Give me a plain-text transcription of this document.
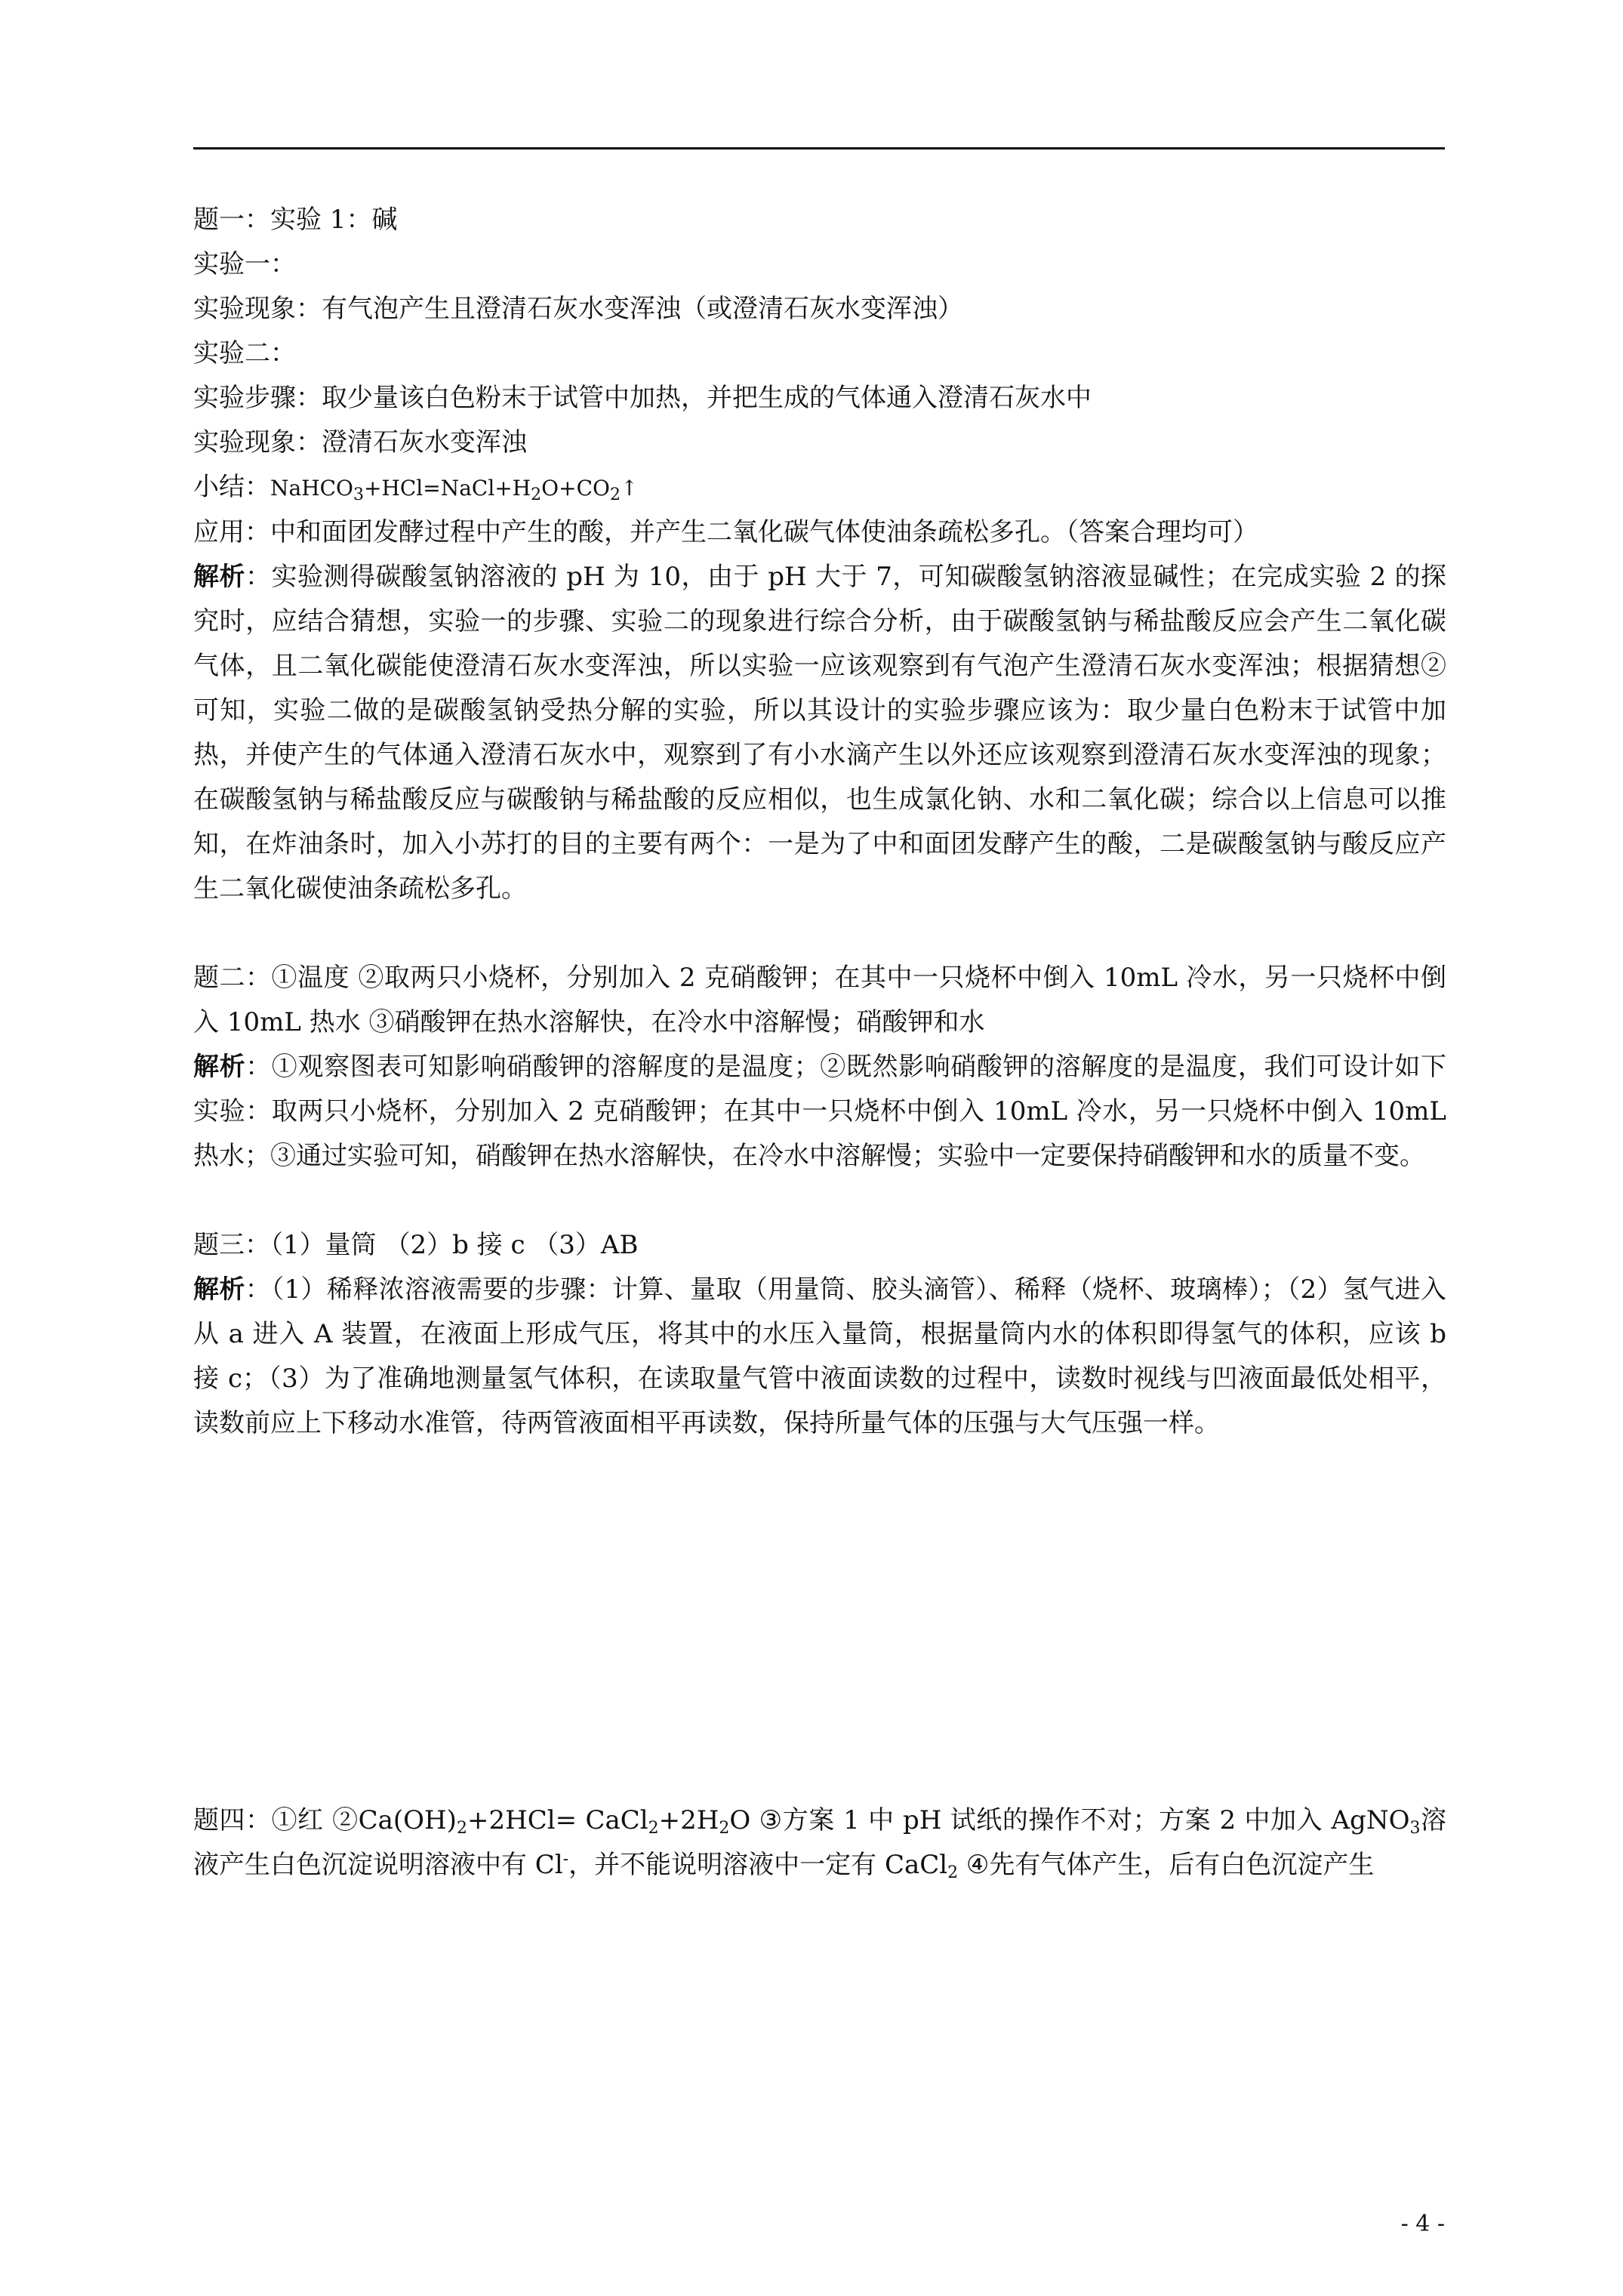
题一：实验 1：碱
实验一：
实验现象：有气泡产生且澄清石灰水变浑浊（或澄清石灰水变浑浊）
实验二：
实验步骤：取少量该白色粉末于试管中加热，并把生成的气体通入澄清石灰水中
实验现象：澄清石灰水变浑浊
小结：$NaHCO_3+HCl=NaCl+H_2O+CO_2↑$
应用：中和面团发酵过程中产生的酸，并产生二氧化碳气体使油条疏松多孔。（答案合理均可）
解析：实验测得碳酸氢钠溶液的 pH 为 10，由于 pH 大于 7，可知碳酸氢钠溶液显碱性；在完成实验 2 的探究时，应结合猜想，实验一的步骤、实验二的现象进行综合分析，由于碳酸氢钠与稀盐酸反应会产生二氧化碳气体，且二氧化碳能使澄清石灰水变浑浊，所以实验一应该观察到有气泡产生澄清石灰水变浑浊；根据猜想②可知，实验二做的是碳酸氢钠受热分解的实验，所以其设计的实验步骤应该为：取少量白色粉末于试管中加热，并使产生的气体通入澄清石灰水中，观察到了有小水滴产生以外还应该观察到澄清石灰水变浑浊的现象；在碳酸氢钠与稀盐酸反应与碳酸钠与稀盐酸的反应相似，也生成氯化钠、水和二氧化碳；综合以上信息可以推知，在炸油条时，加入小苏打的目的主要有两个：一是为了中和面团发酵产生的酸，二是碳酸氢钠与酸反应产生二氧化碳使油条疏松多孔。
题二：①温度 ②取两只小烧杯，分别加入 2 克硝酸钾；在其中一只烧杯中倒入 10mL 冷水，另一只烧杯中倒入 10mL 热水 ③硝酸钾在热水溶解快，在冷水中溶解慢；硝酸钾和水
解析：①观察图表可知影响硝酸钾的溶解度的是温度；②既然影响硝酸钾的溶解度的是温度，我们可设计如下实验：取两只小烧杯，分别加入 2 克硝酸钾；在其中一只烧杯中倒入 10mL 冷水，另一只烧杯中倒入 10mL 热水；③通过实验可知，硝酸钾在热水溶解快，在冷水中溶解慢；实验中一定要保持硝酸钾和水的质量不变。
题三：（1）量筒 （2）b 接 c （3）AB
解析：（1）稀释浓溶液需要的步骤：计算、量取（用量筒、胶头滴管）、稀释（烧杯、玻璃棒）；（2）氢气进入从 a 进入 A 装置，在液面上形成气压，将其中的水压入量筒，根据量筒内水的体积即得氢气的体积，应该 b 接 c；（3）为了准确地测量氢气体积，在读取量气管中液面读数的过程中，读数时视线与凹液面最低处相平，读数前应上下移动水准管，待两管液面相平再读数，保持所量气体的压强与大气压强一样。
题四：①红 $②Ca(OH)_2+2HCl=$ $CaCl_2+2H_2O$ ③方案 1 中 pH 试纸的操作不对；方案 2 中加入 AgNO$_3$溶液产生白色沉淀说明溶液中有 Cl-，并不能说明溶液中一定有 CaCl$_2$ ④先有气体产生，后有白色沉淀产生
- 4 -
